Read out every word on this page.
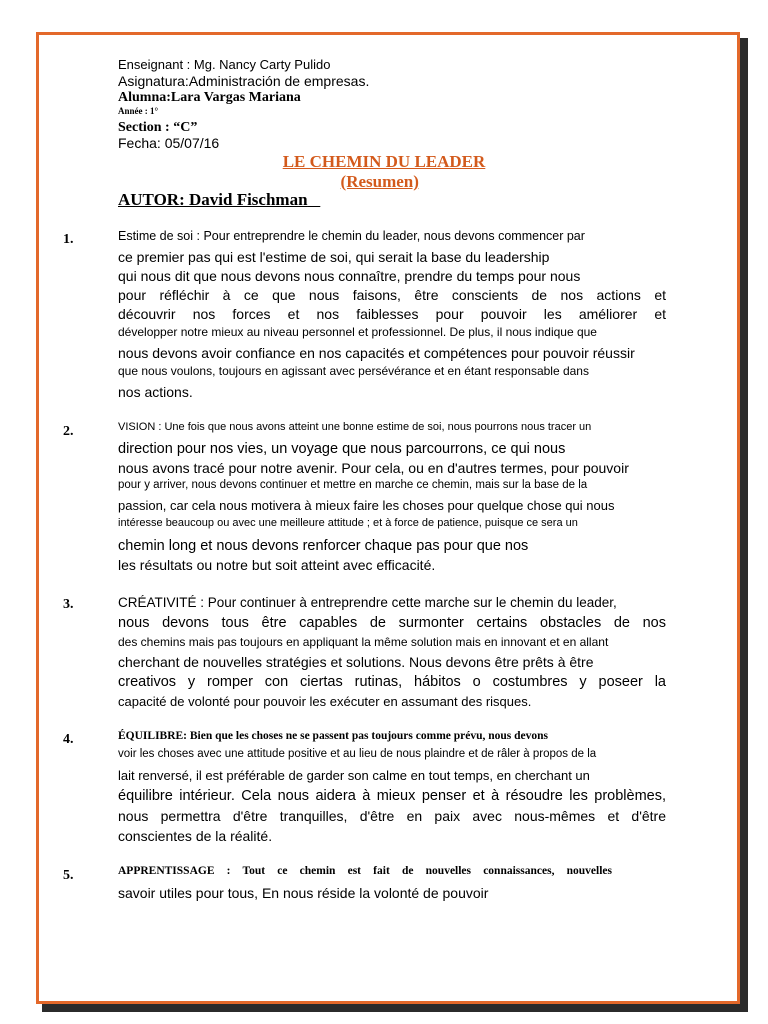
Enseignant : Mg. Nancy Carty Pulido
Asignatura:Administración de empresas.
Alumna:Lara Vargas Mariana
Année : 1°
Section : “C”
Fecha: 05/07/16
LE CHEMIN DU LEADER
(Resumen)
AUTOR: David Fischman
1.	Estime de soi : Pour entreprendre le chemin du leader, nous devons commencer par
ce premier pas qui est l'estime de soi, qui serait la base du leadership
qui nous dit que nous devons nous connaître, prendre du temps pour nous
pour réfléchir à ce que nous faisons, être conscients de nos actions et
découvrir nos forces et nos faiblesses pour pouvoir les améliorer et
développer notre mieux au niveau personnel et professionnel. De plus, il nous indique que
nous devons avoir confiance en nos capacités et compétences pour pouvoir réussir
que nous voulons, toujours en agissant avec persévérance et en étant responsable dans
nos actions.
2.	VISION : Une fois que nous avons atteint une bonne estime de soi, nous pourrons nous tracer un
direction pour nos vies, un voyage que nous parcourrons, ce qui nous
nous avons tracé pour notre avenir. Pour cela, ou en d'autres termes, pour pouvoir
pour y arriver, nous devons continuer et mettre en marche ce chemin, mais sur la base de la
passion, car cela nous motivera à mieux faire les choses pour quelque chose qui nous
intéresse beaucoup ou avec une meilleure attitude ; et à force de patience, puisque ce sera un
chemin long et nous devons renforcer chaque pas pour que nos
les résultats ou notre but soit atteint avec efficacité.
3.	CRÉATIVITÉ : Pour continuer à entreprendre cette marche sur le chemin du leader,
nous devons tous être capables de surmonter certains obstacles de nos
des chemins mais pas toujours en appliquant la même solution mais en innovant et en allant
cherchant de nouvelles stratégies et solutions. Nous devons être prêts à être
creativos y romper con ciertas rutinas, hábitos o costumbres y poseer la
capacité de volonté pour pouvoir les exécuter en assumant des risques.
4.	ÉQUILIBRE: Bien que les choses ne se passent pas toujours comme prévu, nous devons
voir les choses avec une attitude positive et au lieu de nous plaindre et de râler à propos de la
lait renversé, il est préférable de garder son calme en tout temps, en cherchant un
équilibre intérieur. Cela nous aidera à mieux penser et à résoudre les problèmes,
nous permettra d'être tranquilles, d'être en paix avec nous-mêmes et d'être
conscientes de la réalité.
5.	APPRENTISSAGE : Tout ce chemin est fait de nouvelles connaissances, nouvelles
savoir utiles pour tous, En nous réside la volonté de pouvoir
